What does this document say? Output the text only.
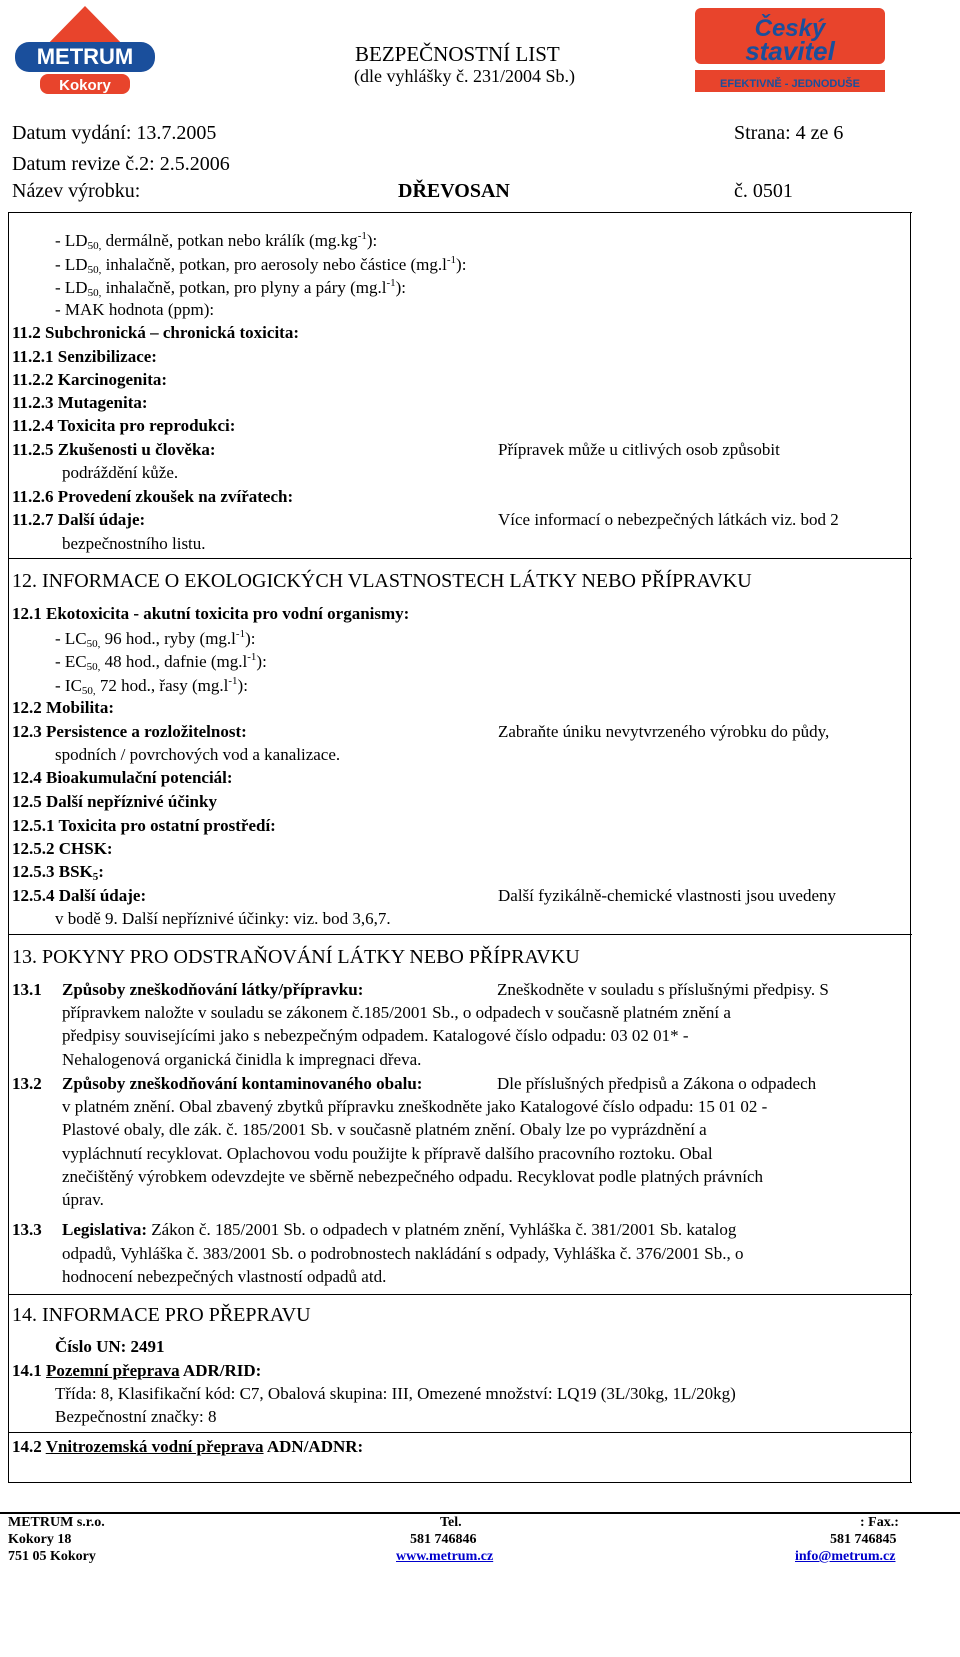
METRUM
Kokory
BEZPEČNOSTNÍ LIST
(dle vyhlášky č. 231/2004 Sb.)
Český
stavitel
EFEKTIVNĚ - JEDNODUŠE
Datum vydání: 13.7.2005	Strana: 4 ze 6
Datum revize č.2: 2.5.2006
Název výrobku:	DŘEVOSAN	č. 0501
- $LD_{50,}$ dermálně, potkan nebo králík $(mg.kg^{-1})$:
- $LD_{50,}$ inhalačně, potkan, pro aerosoly nebo částice $(mg.l^{-1})$:
- $LD_{50,}$ inhalačně, potkan, pro plyny a páry $(mg.l^{-1})$:
- MAK hodnota (ppm):
11.2 Subchronická – chronická toxicita:
11.2.1 Senzibilizace:
11.2.2 Karcinogenita:
11.2.3 Mutagenita:
11.2.4 Toxicita pro reprodukci:
11.2.5 Zkušenosti u člověka:	Přípravek může u citlivých osob způsobit
podráždění kůže.
11.2.6 Provedení zkoušek na zvířatech:
11.2.7 Další údaje:	Více informací o nebezpečných látkách viz. bod 2
bezpečnostního listu.
12. INFORMACE O EKOLOGICKÝCH VLASTNOSTECH LÁTKY NEBO PŘÍPRAVKU
12.1 Ekotoxicita - akutní toxicita pro vodní organismy:
- $LC_{50,}$ 96 hod., ryby $(mg.l^{-1})$:
- $EC_{50,}$ 48 hod., dafnie $(mg.l^{-1})$:
- $IC_{50,}$ 72 hod., řasy $(mg.l^{-1})$:
12.2 Mobilita:
12.3 Persistence a rozložitelnost:	Zabraňte úniku nevytvrzeného výrobku do půdy,
spodních / povrchových vod a kanalizace.
12.4 Bioakumulační potenciál:
12.5 Další nepříznivé účinky
12.5.1 Toxicita pro ostatní prostředí:
12.5.2 CHSK:
12.5.3 $BSK_5$:
12.5.4 Další údaje:	Další fyzikálně-chemické vlastnosti jsou uvedeny
v bodě 9. Další nepříznivé účinky: viz. bod 3,6,7.
13. POKYNY PRO ODSTRAŇOVÁNÍ LÁTKY NEBO PŘÍPRAVKU
13.1 Způsoby zneškodňování látky/přípravku:	Zneškodněte v souladu s příslušnými předpisy. S
přípravkem naložte v souladu se zákonem č.185/2001 Sb., o odpadech v současně platném znění a
předpisy souvisejícími jako s nebezpečným odpadem. Katalogové číslo odpadu: 03 02 01* -
Nehalogenová organická činidla k impregnaci dřeva.
13.2 Způsoby zneškodňování kontaminovaného obalu:	Dle příslušných předpisů a Zákona o odpadech
v platném znění. Obal zbavený zbytků přípravku zneškodněte jako Katalogové číslo odpadu: 15 01 02 -
Plastové obaly, dle zák. č. 185/2001 Sb. v současně platném znění. Obaly lze po vyprázdnění a
vypláchnutí recyklovat. Oplachovou vodu použijte k přípravě dalšího pracovního roztoku. Obal
znečištěný výrobkem odevzdejte ve sběrně nebezpečného odpadu. Recyklovat podle platných právních
úprav.
13.3 Legislativa: Zákon č. 185/2001 Sb. o odpadech v platném znění, Vyhláška č. 381/2001 Sb. katalog
odpadů, Vyhláška č. 383/2001 Sb. o podrobnostech nakládání s odpady, Vyhláška č. 376/2001 Sb., o
hodnocení nebezpečných vlastností odpadů atd.
14. INFORMACE PRO PŘEPRAVU
Číslo UN: 2491
14.1 Pozemní přeprava ADR/RID:
Třída: 8, Klasifikační kód: C7, Obalová skupina: III, Omezené množství: LQ19 (3L/30kg, 1L/20kg)
Bezpečnostní značky: 8
14.2 Vnitrozemská vodní přeprava ADN/ADNR:
METRUM s.r.o.
Kokory 18
751 05 Kokory
Tel.
581 746846
www.metrum.cz
: Fax.:
581 746845
info@metrum.cz
